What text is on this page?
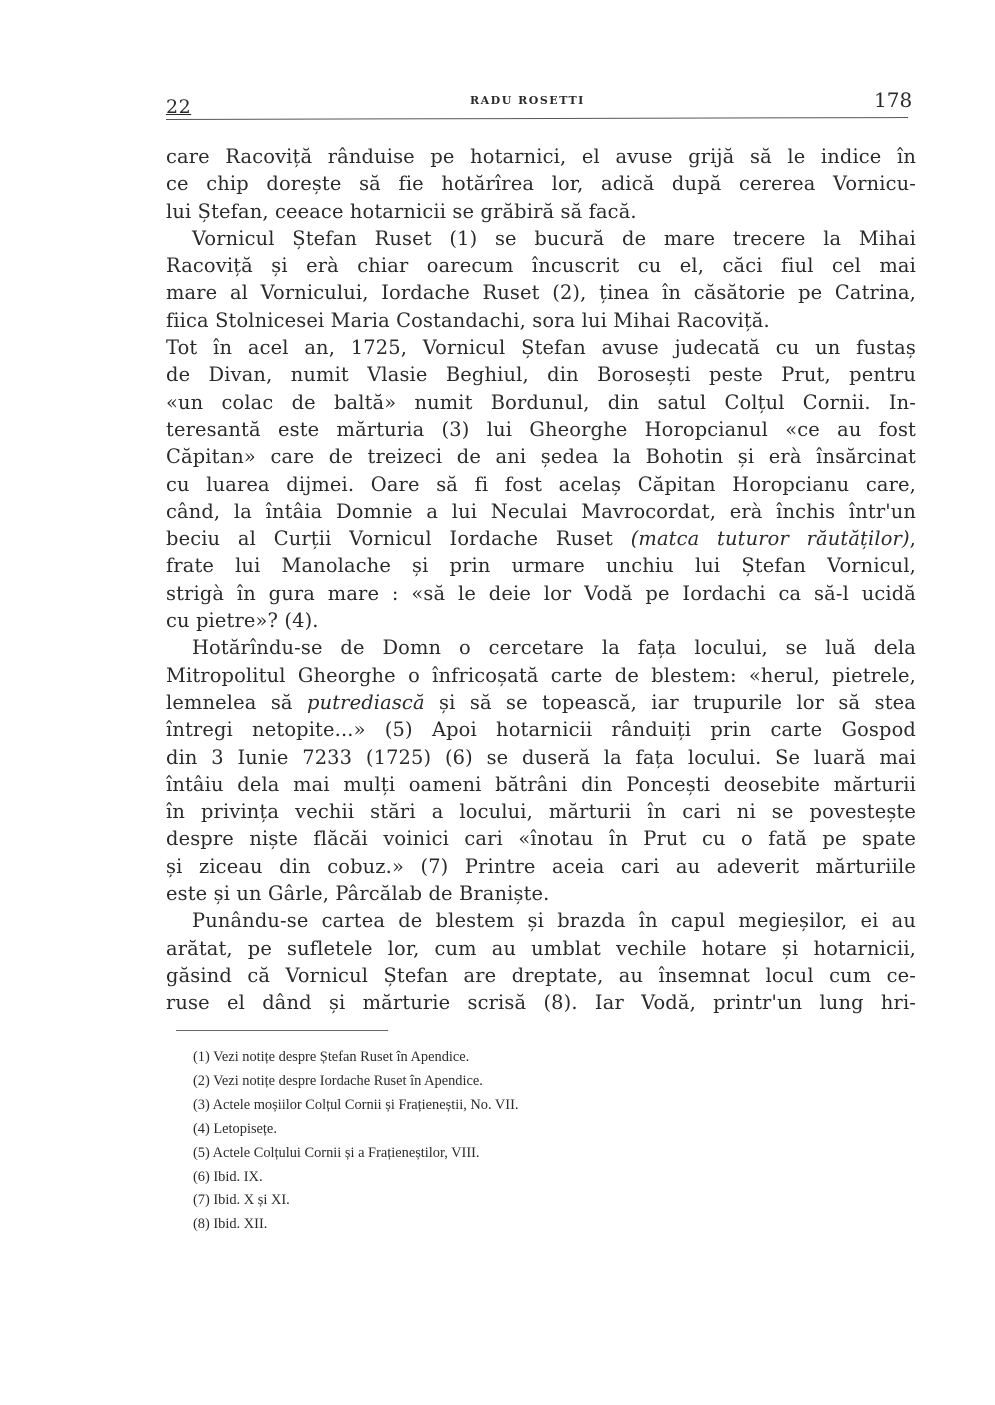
22	RADU ROSETTI	178
care Racoviță rânduise pe hotarnici, el avuse grijă să le indice în
ce chip dorește să fie hotărîrea lor, adică după cererea Vornicu-
lui Ștefan, ceeace hotarnicii se grăbiră să facă.
Vornicul Ștefan Ruset (1) se bucură de mare trecere la Mihai
Racoviță și erà chiar oarecum încuscrit cu el, căci fiul cel mai
mare al Vornicului, Iordache Ruset (2), ținea în căsătorie pe Catrina,
fiica Stolnicesei Maria Costandachi, sora lui Mihai Racoviță.
Tot în acel an, 1725, Vornicul Ștefan avuse judecată cu un fustaș
de Divan, numit Vlasie Beghiul, din Borosești peste Prut, pentru
«un colac de baltă» numit Bordunul, din satul Colțul Cornii. In-
teresantă este mărturia (3) lui Gheorghe Horopcianul «ce au fost
Căpitan» care de treizeci de ani ședea la Bohotin și erà însărcinat
cu luarea dijmei. Oare să fi fost acelaș Căpitan Horopcianu care,
când, la întâia Domnie a lui Neculai Mavrocordat, erà închis într'un
beciu al Curții Vornicul Iordache Ruset (matca tuturor răutăților),
frate lui Manolache și prin urmare unchiu lui Ștefan Vornicul,
strigà în gura mare : «să le deie lor Vodă pe Iordachi ca să-l ucidă
cu pietre»? (4).
Hotărîndu-se de Domn o cercetare la fața locului, se luă dela
Mitropolitul Gheorghe o înfricoșată carte de blestem: «herul, pietrele,
lemnelea să putrediască și să se topească, iar trupurile lor să stea
întregi netopite...» (5) Apoi hotarnicii rânduiți prin carte Gospod
din 3 Iunie 7233 (1725) (6) se duseră la fața locului. Se luară mai
întâiu dela mai mulți oameni bătrâni din Poncești deosebite mărturii
în privința vechii stări a locului, mărturii în cari ni se povestește
despre niște flăcăi voinici cari «înotau în Prut cu o fată pe spate
și ziceau din cobuz.» (7) Printre aceia cari au adeverit mărturiile
este și un Gârle, Pârcălab de Braniște.
Punându-se cartea de blestem și brazda în capul megieșilor, ei au
arătat, pe sufletele lor, cum au umblat vechile hotare și hotarnicii,
găsind că Vornicul Ștefan are dreptate, au însemnat locul cum ce-
ruse el dând și mărturie scrisă (8). Iar Vodă, printr'un lung hri-
(1) Vezi notițe despre Ștefan Ruset în Apendice.
(2) Vezi notițe despre Iordache Ruset în Apendice.
(3) Actele moșiilor Colțul Cornii și Frațieneștii, No. VII.
(4) Letopisețe.
(5) Actele Colțului Cornii și a Frațieneștilor, VIII.
(6) Ibid. IX.
(7) Ibid. X și XI.
(8) Ibid. XII.
